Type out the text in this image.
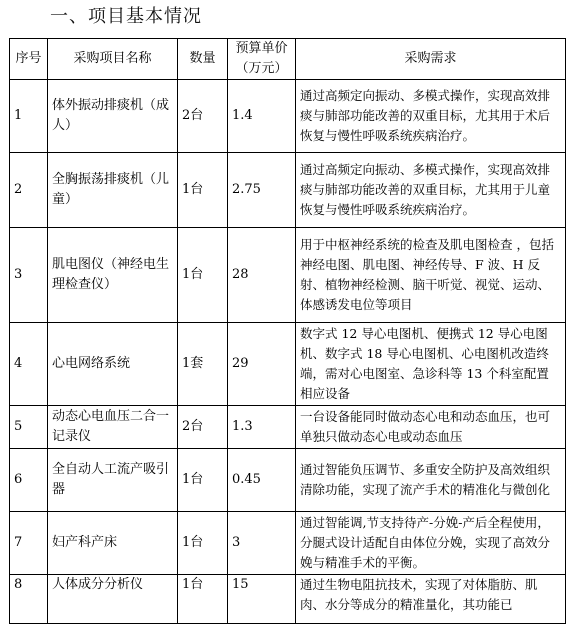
一、项目基本情况
序号	采购项目名称	数量	预算单价（万元）	采购需求
1	体外振动排痰机（成人）	2台	1.4	通过高频定向振动、多模式操作，实现高效排痰与肺部功能改善的双重目标，尤其用于术后恢复与慢性呼吸系统疾病治疗。
2	全胸振荡排痰机（儿童）	1台	2.75	通过高频定向振动、多模式操作，实现高效排痰与肺部功能改善的双重目标，尤其用于儿童恢复与慢性呼吸系统疾病治疗。
3	肌电图仪（神经电生理检查仪）	1台	28	用于中枢神经系统的检查及肌电图检查 ，包括神经电图、肌电图、神经传导、F 波、H 反射、植物神经检测、脑干听觉、视觉、运动、体感诱发电位等项目
4	心电网络系统	1套	29	数字式 12 导心电图机、便携式 12 导心电图机、数字式 18 导心电图机、心电图机改造终端，需对心电图室、急诊科等 13 个科室配置相应设备
5	动态心电血压二合一记录仪	2台	1.3	一台设备能同时做动态心电和动态血压，也可单独只做动态心电或动态血压
6	全自动人工流产吸引器	1台	0.45	通过智能负压调节、多重安全防护及高效组织清除功能，实现了流产手术的精准化与微创化
7	妇产科产床	1台	3	通过智能调,节支持待产-分娩-产后全程使用，分腿式设计适配自由体位分娩，实现了高效分娩与精准手术的平衡。
8	人体成分分析仪	1台	15	通过生物电阻抗技术，实现了对体脂肪、肌肉、水分等成分的精准量化，其功能已
